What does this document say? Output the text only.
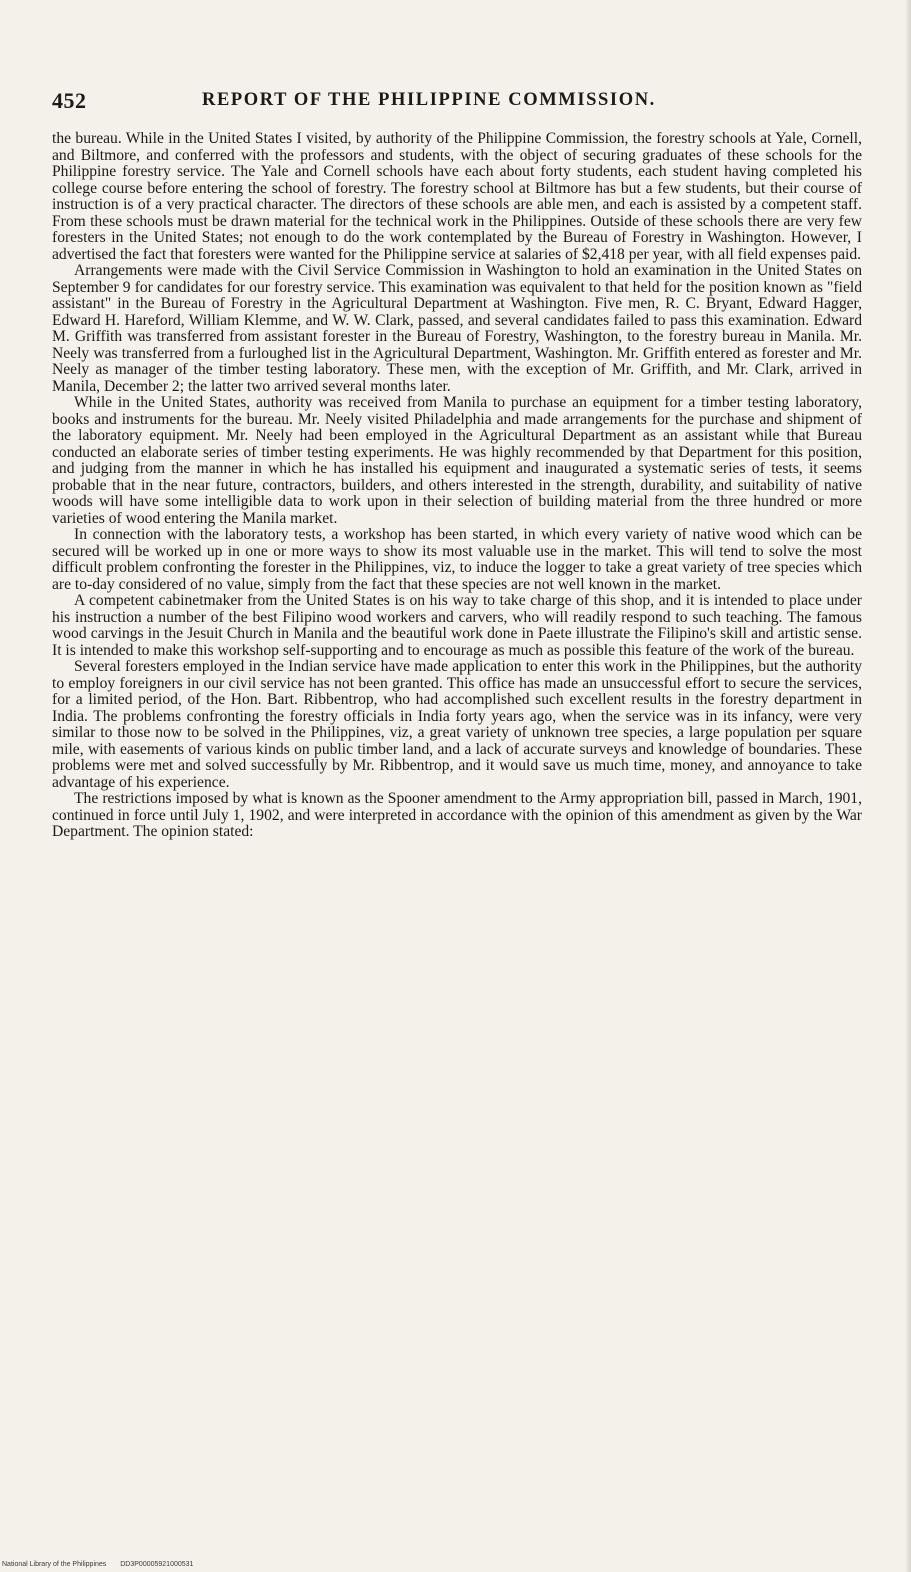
452	REPORT OF THE PHILIPPINE COMMISSION.

the bureau. While in the United States I visited, by authority of the Philippine Commission, the forestry schools at Yale, Cornell, and Biltmore, and conferred with the professors and students, with the object of securing graduates of these schools for the Philippine forestry service. The Yale and Cornell schools have each about forty students, each student having completed his college course before entering the school of forestry. The forestry school at Biltmore has but a few students, but their course of instruction is of a very practical character. The directors of these schools are able men, and each is assisted by a competent staff. From these schools must be drawn material for the technical work in the Philippines. Outside of these schools there are very few foresters in the United States; not enough to do the work contemplated by the Bureau of Forestry in Washington. However, I advertised the fact that foresters were wanted for the Philippine service at salaries of $2,418 per year, with all field expenses paid.

Arrangements were made with the Civil Service Commission in Washington to hold an examination in the United States on September 9 for candidates for our forestry service. This examination was equivalent to that held for the position known as "field assistant" in the Bureau of Forestry in the Agricultural Department at Washington. Five men, R. C. Bryant, Edward Hagger, Edward H. Hareford, William Klemme, and W. W. Clark, passed, and several candidates failed to pass this examination. Edward M. Griffith was transferred from assistant forester in the Bureau of Forestry, Washington, to the forestry bureau in Manila. Mr. Neely was transferred from a furloughed list in the Agricultural Department, Washington. Mr. Griffith entered as forester and Mr. Neely as manager of the timber testing laboratory. These men, with the exception of Mr. Griffith, and Mr. Clark, arrived in Manila, December 2; the latter two arrived several months later.

While in the United States, authority was received from Manila to purchase an equipment for a timber testing laboratory, books and instruments for the bureau. Mr. Neely visited Philadelphia and made arrangements for the purchase and shipment of the laboratory equipment. Mr. Neely had been employed in the Agricultural Department as an assistant while that Bureau conducted an elaborate series of timber testing experiments. He was highly recommended by that Department for this position, and judging from the manner in which he has installed his equipment and inaugurated a systematic series of tests, it seems probable that in the near future, contractors, builders, and others interested in the strength, durability, and suitability of native woods will have some intelligible data to work upon in their selection of building material from the three hundred or more varieties of wood entering the Manila market.

In connection with the laboratory tests, a workshop has been started, in which every variety of native wood which can be secured will be worked up in one or more ways to show its most valuable use in the market. This will tend to solve the most difficult problem confronting the forester in the Philippines, viz, to induce the logger to take a great variety of tree species which are to-day considered of no value, simply from the fact that these species are not well known in the market.

A competent cabinetmaker from the United States is on his way to take charge of this shop, and it is intended to place under his instruction a number of the best Filipino wood workers and carvers, who will readily respond to such teaching. The famous wood carvings in the Jesuit Church in Manila and the beautiful work done in Paete illustrate the Filipino's skill and artistic sense. It is intended to make this workshop self-supporting and to encourage as much as possible this feature of the work of the bureau.

Several foresters employed in the Indian service have made application to enter this work in the Philippines, but the authority to employ foreigners in our civil service has not been granted. This office has made an unsuccessful effort to secure the services, for a limited period, of the Hon. Bart. Ribbentrop, who had accomplished such excellent results in the forestry department in India. The problems confronting the forestry officials in India forty years ago, when the service was in its infancy, were very similar to those now to be solved in the Philippines, viz, a great variety of unknown tree species, a large population per square mile, with easements of various kinds on public timber land, and a lack of accurate surveys and knowledge of boundaries. These problems were met and solved successfully by Mr. Ribbentrop, and it would save us much time, money, and annoyance to take advantage of his experience.

The restrictions imposed by what is known as the Spooner amendment to the Army appropriation bill, passed in March, 1901, continued in force until July 1, 1902, and were interpreted in accordance with the opinion of this amendment as given by the War Department. The opinion stated:

National Library of the Philippines DD3P00005921000531
